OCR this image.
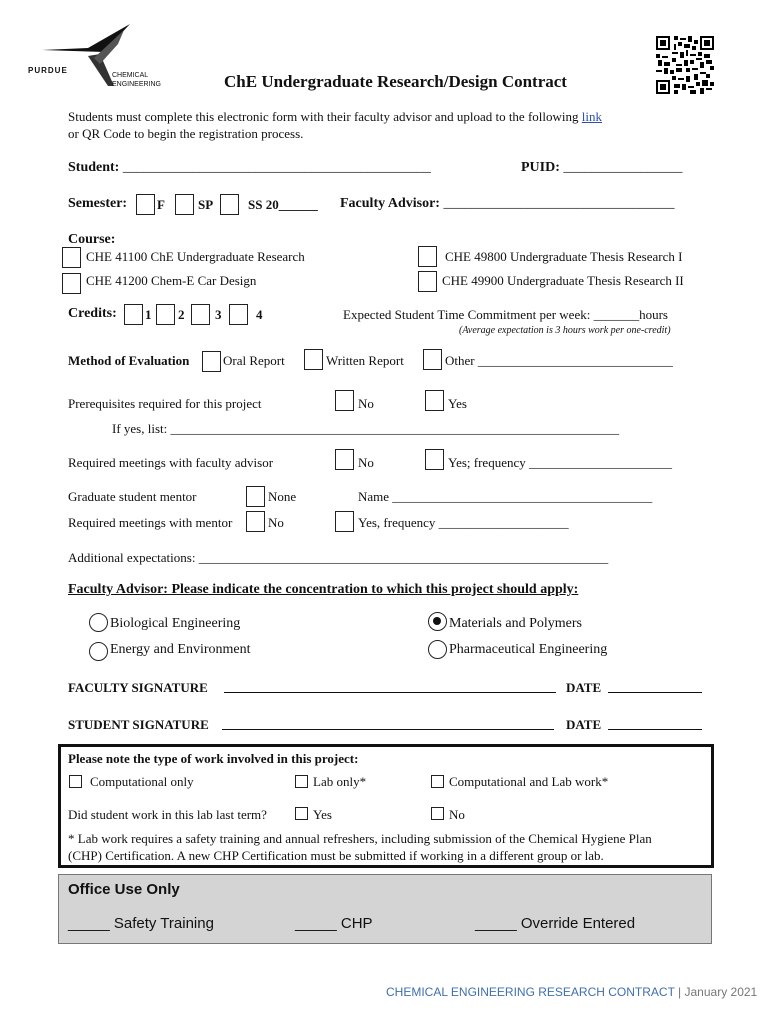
PURDUE
CHEMICAL
ENGINEERING	ChE Undergraduate Research/Design Contract
Students must complete this electronic form with their faculty advisor and upload to the following link
or QR Code to begin the registration process.
Student: ____________________________________________	PUID: _________________
Semester: F	SP	SS 20______ Faculty Advisor: _________________________________
Course:
CHE 41100 ChE Undergraduate Research
CHE 41200 Chem-E Car Design
CHE 49800 Undergraduate Thesis Research I
CHE 49900 Undergraduate Thesis Research II
Credits: 1 2 3	4	Expected Student Time Commitment per week: _______hours
(Average expectation is 3 hours work per one-credit)
Method of Evaluation	Oral Report	Written Report	Other ______________________________
Prerequisites required for this project	No	Yes
If yes, list: _____________________________________________________________________
Required meetings with faculty advisor	No	Yes; frequency ______________________
Graduate student mentor	None	Name ________________________________________
Required meetings with mentor	No	Yes, frequency ____________________
Additional expectations: _______________________________________________________________
Faculty Advisor: Please indicate the concentration to which this project should apply:
Biological Engineering	Materials and Polymers
Energy and Environment	Pharmaceutical Engineering
FACULTY SIGNATURE	DATE
STUDENT SIGNATURE	DATE
Please note the type of work involved in this project:
Computational only	Lab only*	Computational and Lab work*
Did student work in this lab last term?	Yes	No
* Lab work requires a safety training and annual refreshers, including submission of the Chemical Hygiene Plan
(CHP) Certification. A new CHP Certification must be submitted if working in a different group or lab.
Office Use Only
_____ Safety Training	_____ CHP	_____ Override Entered
CHEMICAL ENGINEERING RESEARCH CONTRACT | January 2021
